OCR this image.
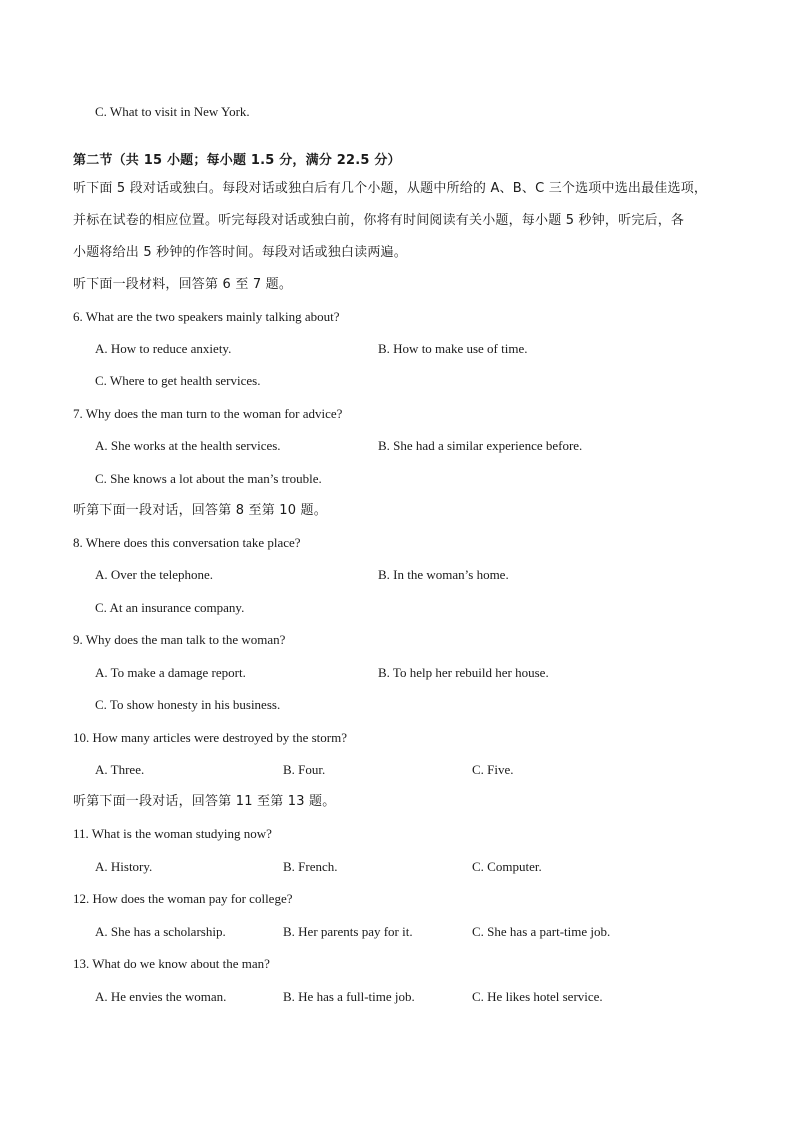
C. What to visit in New York.
第二节（共 15 小题；每小题 1.5 分，满分 22.5 分）
听下面 5 段对话或独白。每段对话或独白后有几个小题，从题中所给的 A、B、C 三个选项中选出最佳选项，
并标在试卷的相应位置。听完每段对话或独白前，你将有时间阅读有关小题，每小题 5 秒钟，听完后，各
小题将给出 5 秒钟的作答时间。每段对话或独白读两遍。
听下面一段材料，回答第 6 至 7 题。
6. What are the two speakers mainly talking about?
A. How to reduce anxiety.	B. How to make use of time.
C. Where to get health services.
7. Why does the man turn to the woman for advice?
A. She works at the health services.	B. She had a similar experience before.
C. She knows a lot about the man’s trouble.
听第下面一段对话，回答第 8 至第 10 题。
8. Where does this conversation take place?
A. Over the telephone.	B. In the woman’s home.
C. At an insurance company.
9. Why does the man talk to the woman?
A. To make a damage report.	B. To help her rebuild her house.
C. To show honesty in his business.
10. How many articles were destroyed by the storm?
A. Three.	B. Four.	C. Five.
听第下面一段对话，回答第 11 至第 13 题。
11. What is the woman studying now?
A. History.	B. French.	C. Computer.
12. How does the woman pay for college?
A. She has a scholarship.	B. Her parents pay for it.	C. She has a part-time job.
13. What do we know about the man?
A. He envies the woman.	B. He has a full-time job.	C. He likes hotel service.
